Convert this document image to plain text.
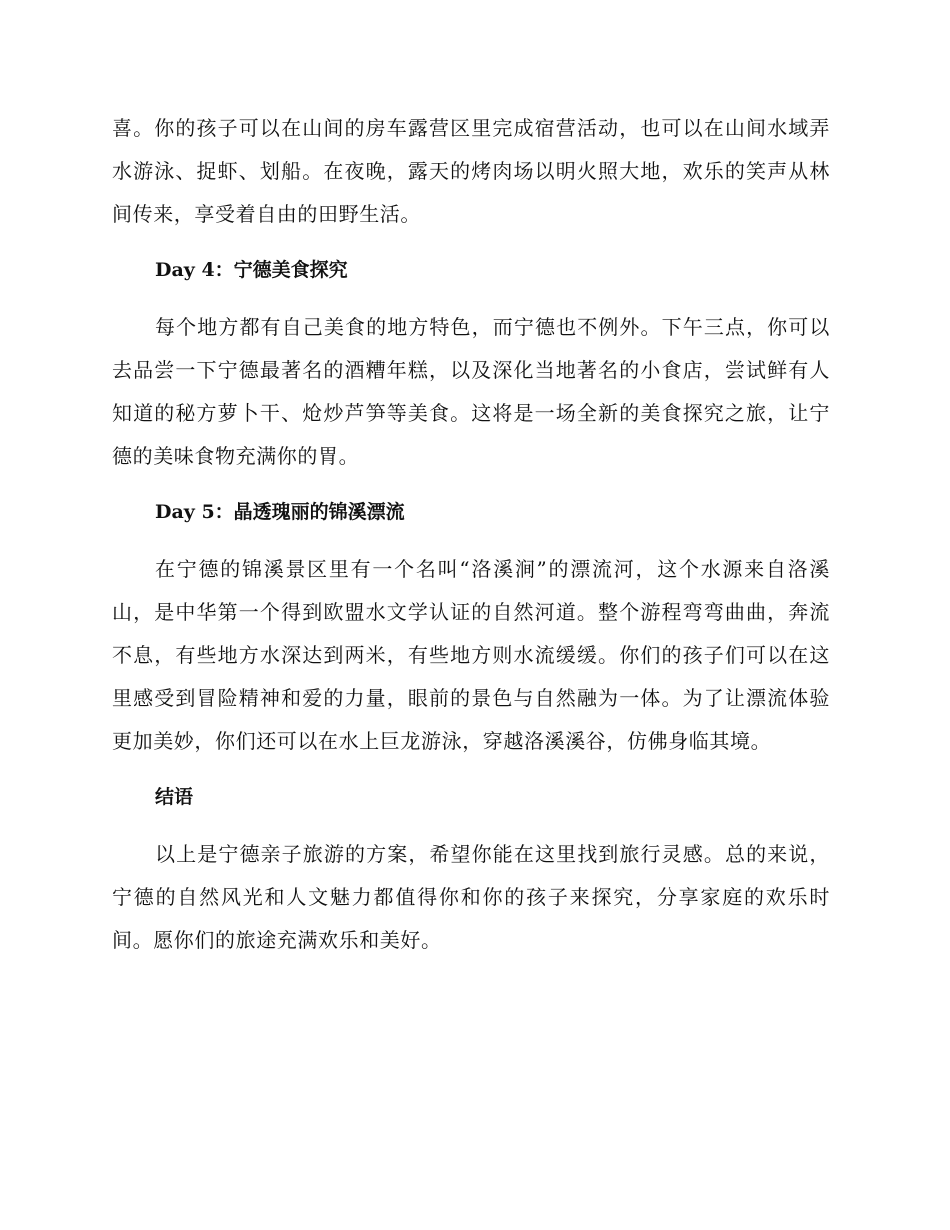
喜。你的孩子可以在山间的房车露营区里完成宿营活动，也可以在山间水域弄水游泳、捉虾、划船。在夜晚，露天的烤肉场以明火照大地，欢乐的笑声从林间传来，享受着自由的田野生活。

Day 4：宁德美食探究

每个地方都有自己美食的地方特色，而宁德也不例外。下午三点，你可以去品尝一下宁德最著名的酒糟年糕，以及深化当地著名的小食店，尝试鲜有人知道的秘方萝卜干、炝炒芦笋等美食。这将是一场全新的美食探究之旅，让宁德的美味食物充满你的胃。

Day 5：晶透瑰丽的锦溪漂流

在宁德的锦溪景区里有一个名叫“洛溪涧”的漂流河，这个水源来自洛溪山，是中华第一个得到欧盟水文学认证的自然河道。整个游程弯弯曲曲，奔流不息，有些地方水深达到两米，有些地方则水流缓缓。你们的孩子们可以在这里感受到冒险精神和爱的力量，眼前的景色与自然融为一体。为了让漂流体验更加美妙，你们还可以在水上巨龙游泳，穿越洛溪溪谷，仿佛身临其境。

结语

以上是宁德亲子旅游的方案，希望你能在这里找到旅行灵感。总的来说，宁德的自然风光和人文魅力都值得你和你的孩子来探究，分享家庭的欢乐时间。愿你们的旅途充满欢乐和美好。
